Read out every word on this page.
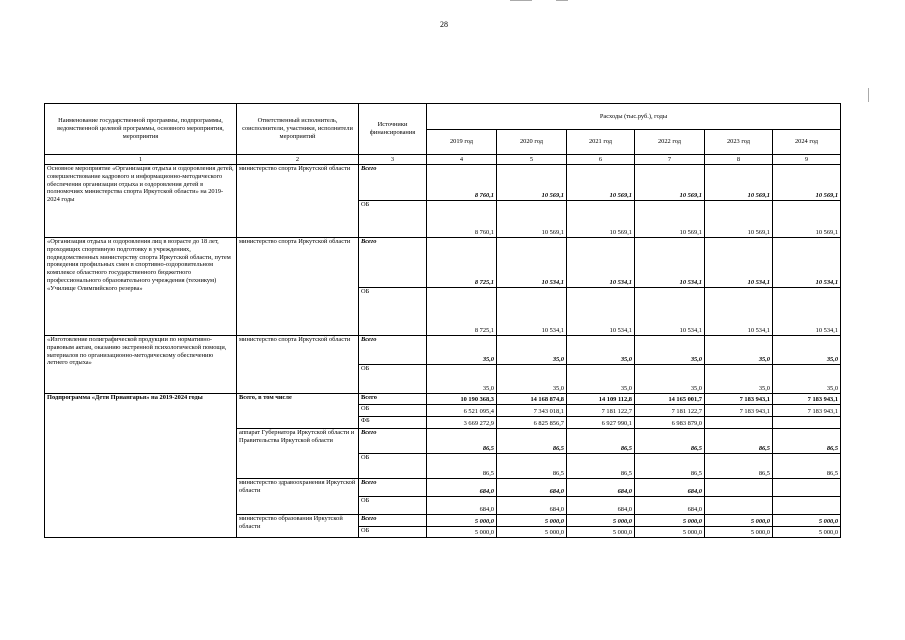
28
Наименование государственной программы, подпрограммы, ведомственной целевой программы, основного мероприятия, мероприятия	Ответственный исполнитель, соисполнители, участники, исполнители мероприятий	Источники финансирования	Расходы (тыс.руб.), годы					
			2019 год	2020 год	2021 год	2022 год	2023 год	2024 год
1	2	3	4	5	6	7	8	9
Основное мероприятие «Организация отдыха и оздоровления детей, совершенствование кадрового и информационно-методического обеспечения организации отдыха и оздоровления детей в полномочиях министерства спорта Иркутской области» на 2019-2024 годы	министерство спорта Иркутской области	Всего	8 760,1	10 569,1	10 569,1	10 569,1	10 569,1	10 569,1
		ОБ	8 760,1	10 569,1	10 569,1	10 569,1	10 569,1	10 569,1
«Организация отдыха и оздоровления лиц в возрасте до 18 лет, проходящих спортивную подготовку в учреждениях, подведомственных министерству спорта Иркутской области, путем проведения профильных смен в спортивно-оздоровительном комплексе областного государственного бюджетного профессионального образовательного учреждения (техникум) «Училище Олимпийского резерва»	министерство спорта Иркутской области	Всего	8 725,1	10 534,1	10 534,1	10 534,1	10 534,1	10 534,1
		ОБ	8 725,1	10 534,1	10 534,1	10 534,1	10 534,1	10 534,1
«Изготовление полиграфической продукции по нормативно-правовым актам, оказанию экстренной психологической помощи, материалов по организационно-методическому обеспечению летнего отдыха»	министерство спорта Иркутской области	Всего	35,0	35,0	35,0	35,0	35,0	35,0
		ОБ	35,0	35,0	35,0	35,0	35,0	35,0
Подпрограмма «Дети Приангарья» на 2019-2024 годы	Всего, в том числе	Всего	10 190 368,3	14 168 874,8	14 109 112,8	14 165 001,7	7 183 943,1	7 183 943,1
		ОБ	6 521 095,4	7 343 018,1	7 181 122,7	7 181 122,7	7 183 943,1	7 183 943,1
		ФБ	3 669 272,9	6 825 856,7	6 927 990,1	6 983 879,0		
	аппарат Губернатора Иркутской области и Правительства Иркутской области	Всего	86,5	86,5	86,5	86,5	86,5	86,5
		ОБ	86,5	86,5	86,5	86,5	86,5	86,5
	министерство здравоохранения Иркутской области	Всего	684,0	684,0	684,0	684,0		
		ОБ	684,0	684,0	684,0	684,0		
	министерство образования Иркутской области	Всего	5 000,0	5 000,0	5 000,0	5 000,0	5 000,0	5 000,0
		ОБ	5 000,0	5 000,0	5 000,0	5 000,0	5 000,0	5 000,0
